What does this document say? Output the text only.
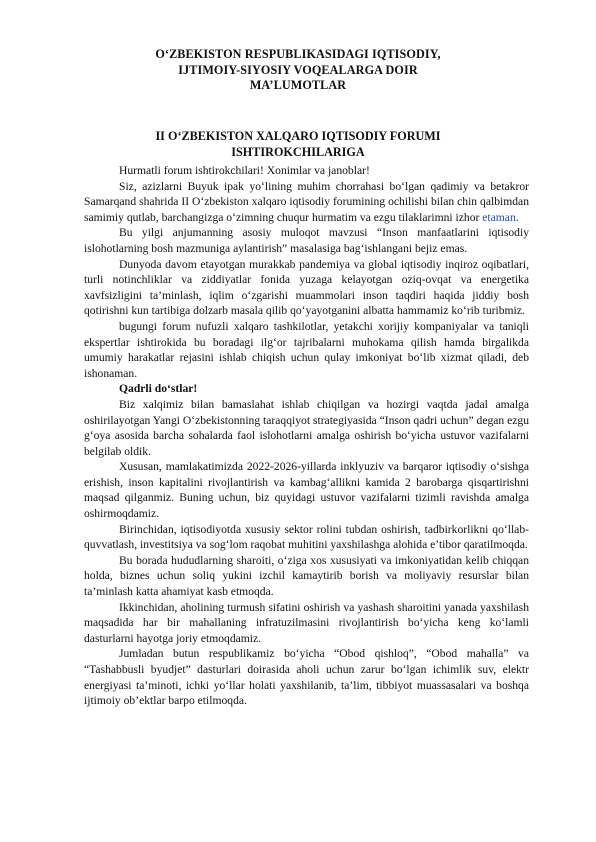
O‘ZBEKISTON RESPUBLIKASIDAGI IQTISODIY,
IJTIMOIY-SIYOSIY VOQEALARGA DOIR
MA’LUMOTLAR
II O‘ZBEKISTON XALQARO IQTISODIY FORUMI
ISHTIROKCHILARIGA

Hurmatli forum ishtirokchilari! Xonimlar va janoblar!

Siz, azizlarni Buyuk ipak yo‘lining muhim chorrahasi bo‘lgan qadimiy va betakror Samarqand shahrida II O‘zbekiston xalqaro iqtisodiy forumining ochilishi bilan chin qalbimdan samimiy qutlab, barchangizga o‘zimning chuqur hurmatim va ezgu tilaklarimni izhor etaman.

Bu yilgi anjumanning asosiy muloqot mavzusi “Inson manfaatlarini iqtisodiy islohotlarning bosh mazmuniga aylantirish” masalasiga bag‘ishlangani bejiz emas.

Dunyoda davom etayotgan murakkab pandemiya va global iqtisodiy inqiroz oqibatlari, turli notinchliklar va ziddiyatlar fonida yuzaga kelayotgan oziq-ovqat va energetika xavfsizligini ta’minlash, iqlim o‘zgarishi muammolari inson taqdiri haqida jiddiy bosh qotirishni kun tartibiga dolzarb masala qilib qo‘yayotganini albatta hammamiz ko‘rib turibmiz.

bugungi forum nufuzli xalqaro tashkilotlar, yetakchi xorijiy kompaniyalar va taniqli ekspertlar ishtirokida bu boradagi ilg‘or tajribalarni muhokama qilish hamda birgalikda umumiy harakatlar rejasini ishlab chiqish uchun qulay imkoniyat bo‘lib xizmat qiladi, deb ishonaman.

Qadrli do‘stlar!

Biz xalqimiz bilan bamaslahat ishlab chiqilgan va hozirgi vaqtda jadal amalga oshirilayotgan Yangi O‘zbekistonning taraqqiyot strategiyasida “Inson qadri uchun” degan ezgu g‘oya asosida barcha sohalarda faol islohotlarni amalga oshirish bo‘yicha ustuvor vazifalarni belgilab oldik.

Xususan, mamlakatimizda 2022-2026-yillarda inklyuziv va barqaror iqtisodiy o‘sishga erishish, inson kapitalini rivojlantirish va kambag‘allikni kamida 2 barobarga qisqartirishni maqsad qilganmiz. Buning uchun, biz quyidagi ustuvor vazifalarni tizimli ravishda amalga oshirmoqdamiz.

Birinchidan, iqtisodiyotda xususiy sektor rolini tubdan oshirish, tadbirkorlikni qo‘llab-quvvatlash, investitsiya va sog‘lom raqobat muhitini yaxshilashga alohida e’tibor qaratilmoqda.

Bu borada hududlarning sharoiti, o‘ziga xos xususiyati va imkoniyatidan kelib chiqqan holda, biznes uchun soliq yukini izchil kamaytirib borish va moliyaviy resurslar bilan ta’minlash katta ahamiyat kasb etmoqda.

Ikkinchidan, aholining turmush sifatini oshirish va yashash sharoitini yanada yaxshilash maqsadida har bir mahallaning infratuzilmasini rivojlantirish bo‘yicha keng ko‘lamli dasturlarni hayotga joriy etmoqdamiz.

Jumladan butun respublikamiz bo‘yicha “Obod qishloq”, “Obod mahalla” va “Tashabbusli byudjet” dasturlari doirasida aholi uchun zarur bo‘lgan ichimlik suv, elektr energiyasi ta’minoti, ichki yo‘llar holati yaxshilanib, ta’lim, tibbiyot muassasalari va boshqa ijtimoiy ob’ektlar barpo etilmoqda.
